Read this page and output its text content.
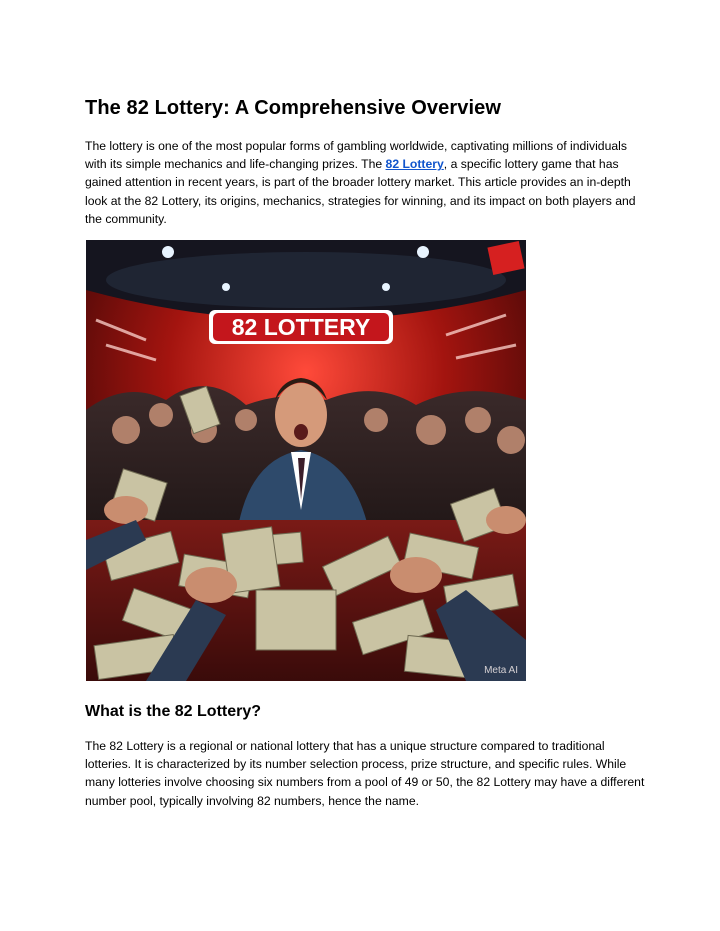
The 82 Lottery: A Comprehensive Overview

The lottery is one of the most popular forms of gambling worldwide, captivating millions of individuals with its simple mechanics and life-changing prizes. The 82 Lottery, a specific lottery game that has gained attention in recent years, is part of the broader lottery market. This article provides an in-depth look at the 82 Lottery, its origins, mechanics, strategies for winning, and its impact on both players and the community.

82 LOTTERY
Meta AI
What is the 82 Lottery?

The 82 Lottery is a regional or national lottery that has a unique structure compared to traditional lotteries. It is characterized by its number selection process, prize structure, and specific rules. While many lotteries involve choosing six numbers from a pool of 49 or 50, the 82 Lottery may have a different number pool, typically involving 82 numbers, hence the name.
